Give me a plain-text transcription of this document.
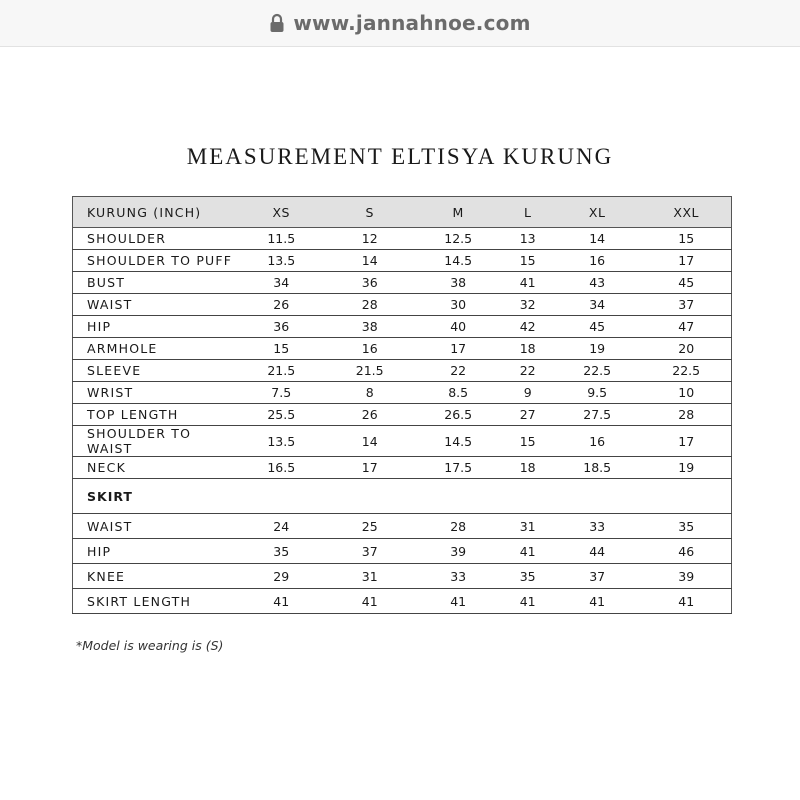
www.jannahnoe.com
MEASUREMENT ELTISYA KURUNG
KURUNG (INCH)	XS	S	M	L	XL	XXL
SHOULDER	11.5	12	12.5	13	14	15
SHOULDER TO PUFF	13.5	14	14.5	15	16	17
BUST	34	36	38	41	43	45
WAIST	26	28	30	32	34	37
HIP	36	38	40	42	45	47
ARMHOLE	15	16	17	18	19	20
SLEEVE	21.5	21.5	22	22	22.5	22.5
WRIST	7.5	8	8.5	9	9.5	10
TOP LENGTH	25.5	26	26.5	27	27.5	28
SHOULDER TO WAIST	13.5	14	14.5	15	16	17
NECK	16.5	17	17.5	18	18.5	19
SKIRT						
WAIST	24	25	28	31	33	35
HIP	35	37	39	41	44	46
KNEE	29	31	33	35	37	39
SKIRT LENGTH	41	41	41	41	41	41
*Model is wearing is (S)
